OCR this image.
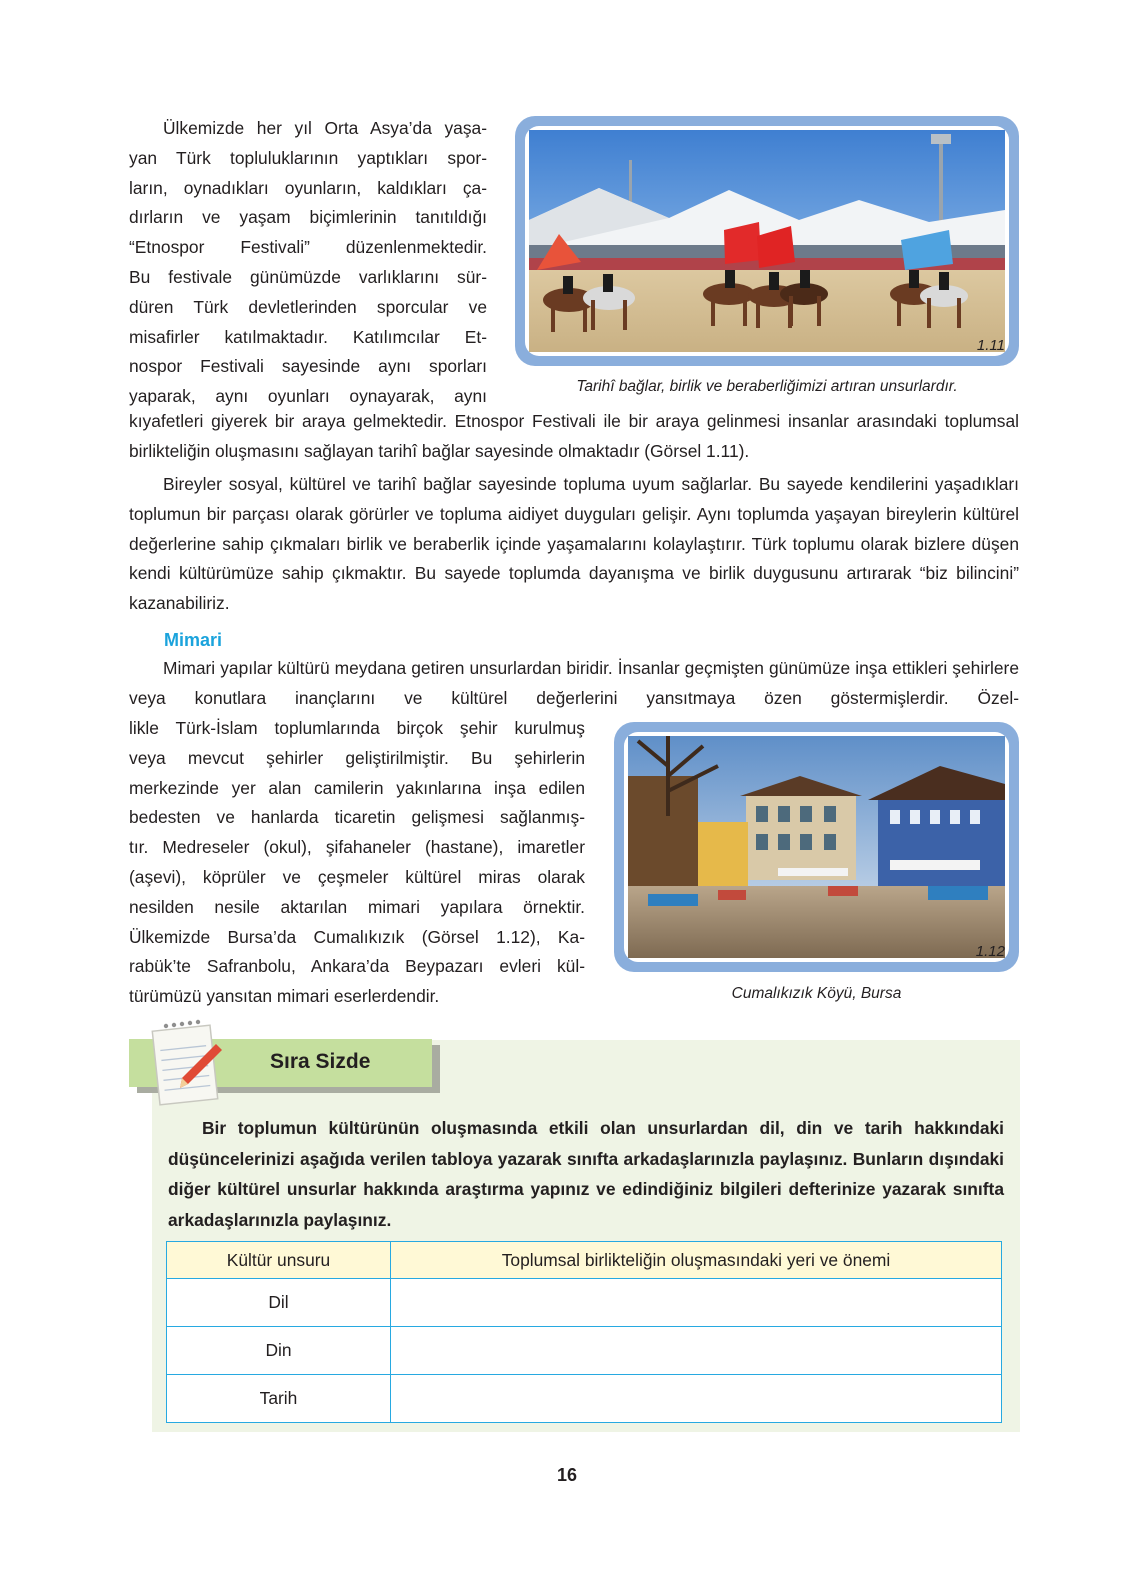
Ülkemizde her yıl Orta Asya’da yaşa-

yan Türk topluluklarının yaptıkları spor-

ların, oynadıkları oyunların, kaldıkları ça-

dırların ve yaşam biçimlerinin tanıtıldığı

“Etnospor Festivali” düzenlenmektedir.

Bu festivale günümüzde varlıklarını sür-

düren Türk devletlerinden sporcular ve

misafirler katılmaktadır. Katılımcılar Et-

nospor Festivali sayesinde aynı sporları

yaparak, aynı oyunları oynayarak, aynı

1.11
Tarihî bağlar, birlik ve beraberliğimizi artıran unsurlardır.

kıyafetleri giyerek bir araya gelmektedir. Etnospor Festivali ile bir araya gelinmesi insanlar arasındaki toplumsal birlikteliğin oluşmasını sağlayan tarihî bağlar sayesinde olmaktadır (Görsel 1.11).

Bireyler sosyal, kültürel ve tarihî bağlar sayesinde topluma uyum sağlarlar. Bu sayede kendilerini yaşadıkları toplumun bir parçası olarak görürler ve topluma aidiyet duyguları gelişir. Aynı toplumda yaşayan bireylerin kültürel değerlerine sahip çıkmaları birlik ve beraberlik içinde yaşamalarını kolaylaştırır. Türk toplumu olarak bizlere düşen kendi kültürümüze sahip çıkmaktır. Bu sayede toplumda dayanışma ve birlik duygusunu artırarak “biz bilincini” kazanabiliriz.

Mimari

Mimari yapılar kültürü meydana getiren unsurlardan biridir. İnsanlar geçmişten günümüze inşa ettikleri şehirlere veya konutlara inançlarını ve kültürel değerlerini yansıtmaya özen göstermişlerdir. Özel-

likle Türk-İslam toplumlarında birçok şehir kurulmuş

veya mevcut şehirler geliştirilmiştir. Bu şehirlerin

merkezinde yer alan camilerin yakınlarına inşa edilen

bedesten ve hanlarda ticaretin gelişmesi sağlanmış-

tır. Medreseler (okul), şifahaneler (hastane), imaretler

(aşevi), köprüler ve çeşmeler kültürel miras olarak

nesilden nesile aktarılan mimari yapılara örnektir.

Ülkemizde Bursa’da Cumalıkızık (Görsel 1.12), Ka-

rabük’te Safranbolu, Ankara’da Beypazarı evleri kül-

türümüzü yansıtan mimari eserlerdendir.

1.12
Cumalıkızık Köyü, Bursa
Sıra Sizde

Bir toplumun kültürünün oluşmasında etkili olan unsurlardan dil, din ve tarih hakkındaki düşüncelerinizi aşağıda verilen tabloya yazarak sınıfta arkadaşlarınızla paylaşınız. Bunların dışındaki diğer kültürel unsurlar hakkında araştırma yapınız ve edindiğiniz bilgileri defterinize yazarak sınıfta arkadaşlarınızla paylaşınız.

Kültür unsuru	Toplumsal birlikteliğin oluşmasındaki yeri ve önemi
Dil	
Din	
Tarih	
16
